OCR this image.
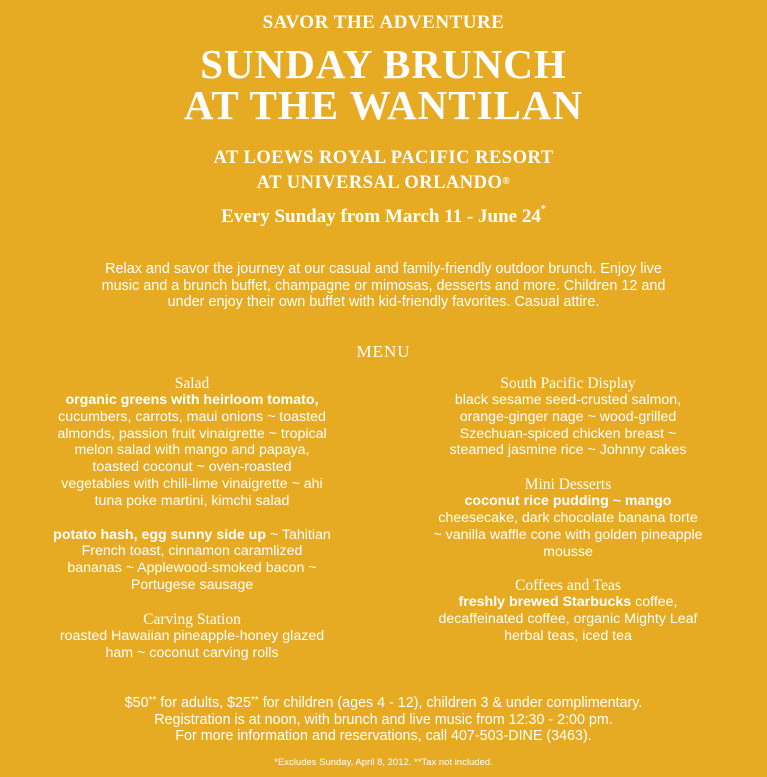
SAVOR THE ADVENTURE
SUNDAY BRUNCH
AT THE WANTILAN
AT LOEWS ROYAL PACIFIC RESORT
AT UNIVERSAL ORLANDO®
Every Sunday from March 11 - June 24*
Relax and savor the journey at our casual and family-friendly outdoor brunch. Enjoy live
music and a brunch buffet, champagne or mimosas, desserts and more. Children 12 and
under enjoy their own buffet with kid-friendly favorites. Casual attire.
MENU
Salad
organic greens with heirloom tomato,
cucumbers, carrots, maui onions ~ toasted
almonds, passion fruit vinaigrette ~ tropical
melon salad with mango and papaya,
toasted coconut ~ oven-roasted
vegetables with chili-lime vinaigrette ~ ahi
tuna poke martini, kimchi salad
potato hash, egg sunny side up ~ Tahitian
French toast, cinnamon caramlized
bananas ~ Applewood-smoked bacon ~
Portugese sausage
Carving Station
roasted Hawaiian pineapple-honey glazed
ham ~ coconut carving rolls
South Pacific Display
black sesame seed-crusted salmon,
orange-ginger nage ~ wood-grilled
Szechuan-spiced chicken breast ~
steamed jasmine rice ~ Johnny cakes
Mini Desserts
coconut rice pudding ~ mango
cheesecake, dark chocolate banana torte
~ vanilla waffle cone with golden pineapple
mousse
Coffees and Teas
freshly brewed Starbucks coffee,
decaffeinated coffee, organic Mighty Leaf
herbal teas, iced tea
$50** for adults, $25** for children (ages 4 - 12), children 3 & under complimentary.
Registration is at noon, with brunch and live music from 12:30 - 2:00 pm.
For more information and reservations, call 407-503-DINE (3463).
*Excludes Sunday, April 8, 2012. **Tax not included.
